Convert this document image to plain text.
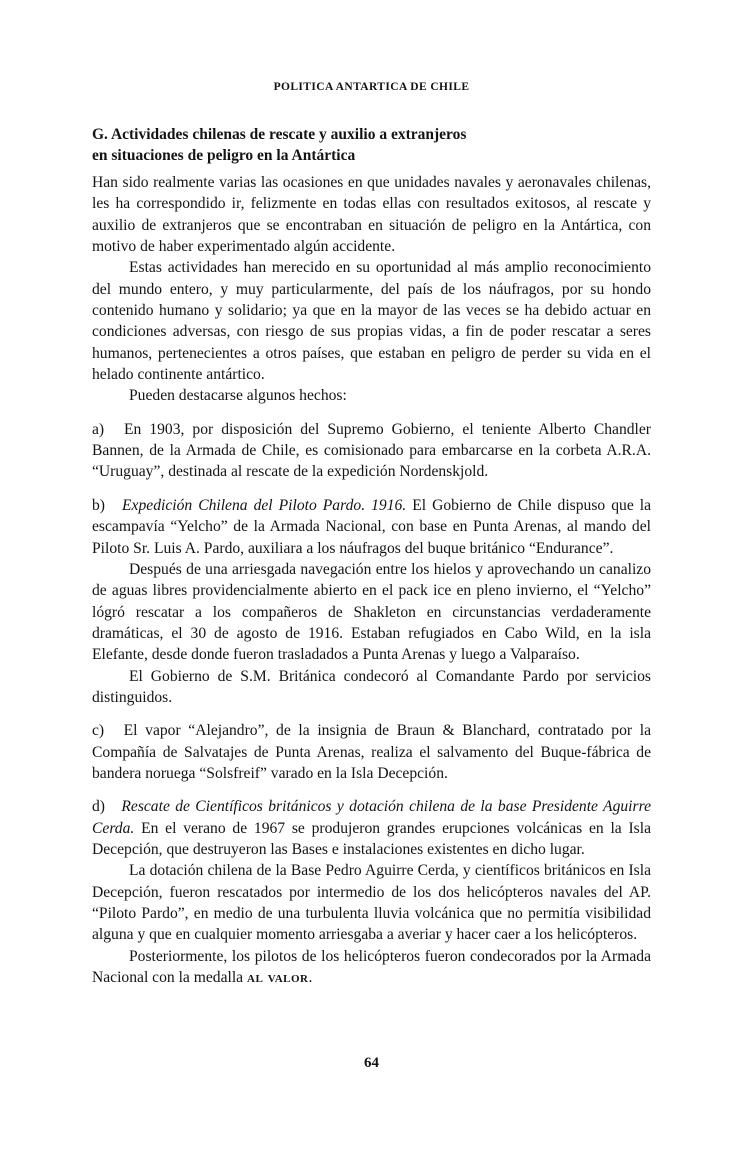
POLITICA ANTARTICA DE CHILE
G. Actividades chilenas de rescate y auxilio a extranjeros
en situaciones de peligro en la Antártica

Han sido realmente varias las ocasiones en que unidades navales y aeronavales chilenas, les ha correspondido ir, felizmente en todas ellas con resultados exitosos, al rescate y auxilio de extranjeros que se encontraban en situación de peligro en la Antártica, con motivo de haber experimentado algún accidente.

Estas actividades han merecido en su oportunidad al más amplio reconocimiento del mundo entero, y muy particularmente, del país de los náufragos, por su hondo contenido humano y solidario; ya que en la mayor de las veces se ha debido actuar en condiciones adversas, con riesgo de sus propias vidas, a fin de poder rescatar a seres humanos, pertenecientes a otros países, que estaban en peligro de perder su vida en el helado continente antártico.

Pueden destacarse algunos hechos:

a) En 1903, por disposición del Supremo Gobierno, el teniente Alberto Chandler Bannen, de la Armada de Chile, es comisionado para embarcarse en la corbeta A.R.A. “Uruguay”, destinada al rescate de la expedición Nordenskjold.

b) Expedición Chilena del Piloto Pardo. 1916. El Gobierno de Chile dispuso que la escampavía “Yelcho” de la Armada Nacional, con base en Punta Arenas, al mando del Piloto Sr. Luis A. Pardo, auxiliara a los náufragos del buque británico “Endurance”.

Después de una arriesgada navegación entre los hielos y aprovechando un canalizo de aguas libres providencialmente abierto en el pack ice en pleno invierno, el “Yelcho” lógró rescatar a los compañeros de Shakleton en circunstancias verdaderamente dramáticas, el 30 de agosto de 1916. Estaban refugiados en Cabo Wild, en la isla Elefante, desde donde fueron trasladados a Punta Arenas y luego a Valparaíso.

El Gobierno de S.M. Británica condecoró al Comandante Pardo por servicios distinguidos.

c) El vapor “Alejandro”, de la insignia de Braun & Blanchard, contratado por la Compañía de Salvatajes de Punta Arenas, realiza el salvamento del Buque-fábrica de bandera noruega “Solsfreif” varado en la Isla Decepción.

d) Rescate de Científicos británicos y dotación chilena de la base Presidente Aguirre Cerda. En el verano de 1967 se produjeron grandes erupciones volcánicas en la Isla Decepción, que destruyeron las Bases e instalaciones existentes en dicho lugar.

La dotación chilena de la Base Pedro Aguirre Cerda, y científicos británicos en Isla Decepción, fueron rescatados por intermedio de los dos helicópteros navales del AP. “Piloto Pardo”, en medio de una turbulenta lluvia volcánica que no permitía visibilidad alguna y que en cualquier momento arriesgaba a averiar y hacer caer a los helicópteros.

Posteriormente, los pilotos de los helicópteros fueron condecorados por la Armada Nacional con la medalla al valor.

64
